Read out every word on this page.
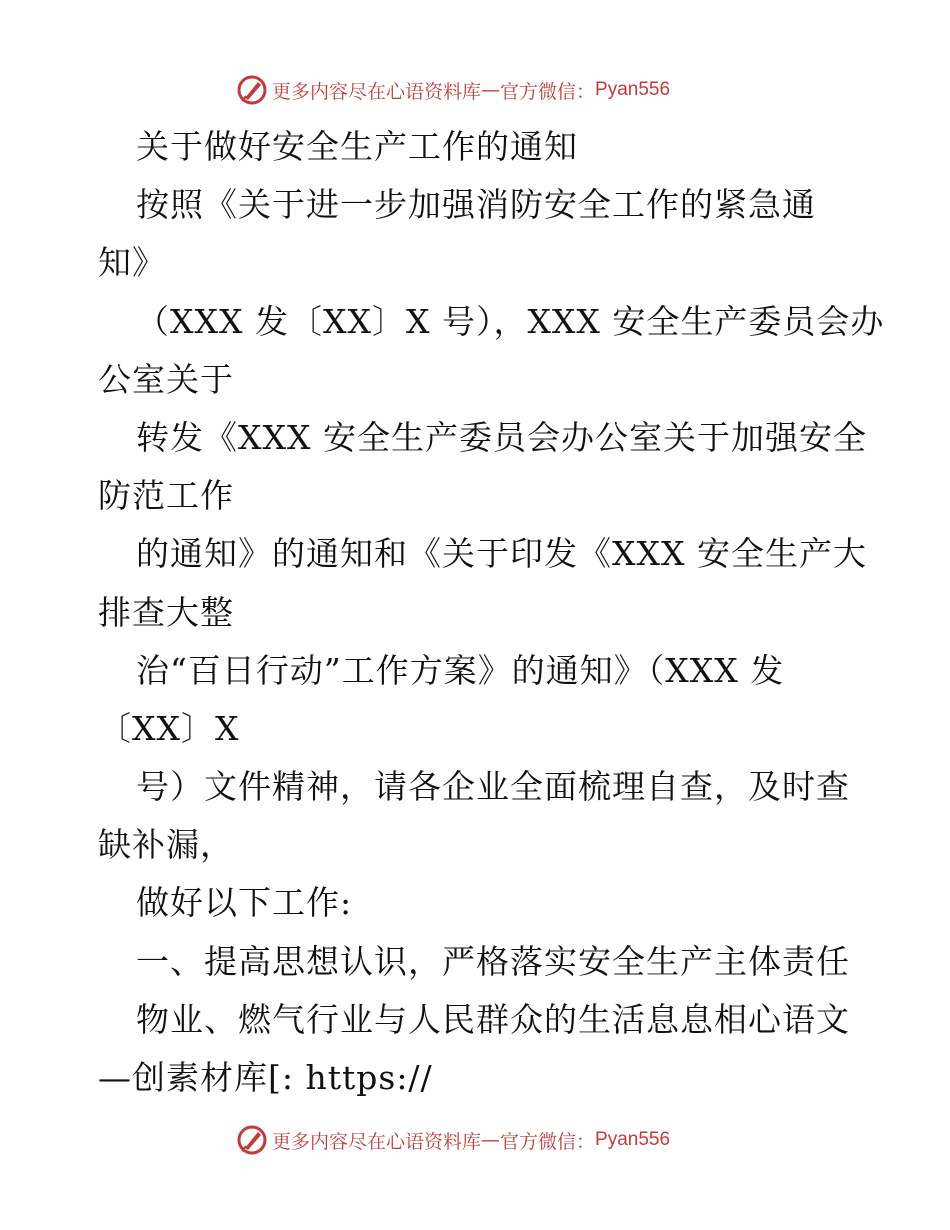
更多内容尽在心语资料库 — 官方微信： Pyan556
关于做好安全生产工作的通知
按照《关于进一步加强消防安全工作的紧急通
知》
（XXX 发〔XX〕X 号），XXX 安全生产委员会办
公室关于
转发《XXX 安全生产委员会办公室关于加强安全
防范工作
的通知》的通知和《关于印发《XXX 安全生产大
排查大整
治“百日行动”工作方案》的通知》（XXX 发
〔XX〕X
号）文件精神，请各企业全面梳理自查，及时查
缺补漏，
做好以下工作:
一、提高思想认识，严格落实安全生产主体责任
物业、燃气行业与人民群众的生活息息相心语文
—创素材库[: https://
更多内容尽在心语资料库 — 官方微信： Pyan556
